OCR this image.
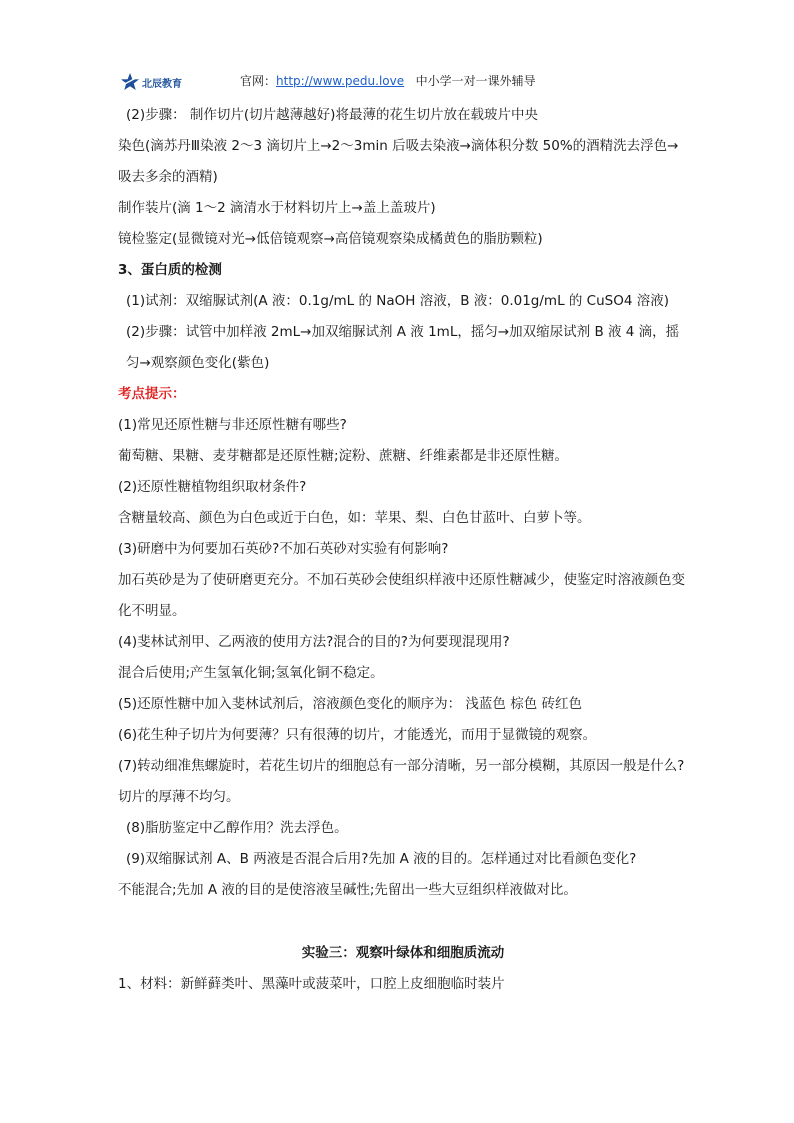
北辰教育	官网：http://www.pedu.love 中小学一对一课外辅导

(2)步骤： 制作切片(切片越薄越好)将最薄的花生切片放在载玻片中央

染色(滴苏丹Ⅲ染液 2～3 滴切片上→2～3min 后吸去染液→滴体积分数 50%的酒精洗去浮色→吸去多余的酒精)

制作装片(滴 1～2 滴清水于材料切片上→盖上盖玻片)

镜检鉴定(显微镜对光→低倍镜观察→高倍镜观察染成橘黄色的脂肪颗粒)

3、蛋白质的检测

(1)试剂：双缩脲试剂(A 液：0.1g/mL 的 NaOH 溶液，B 液：0.01g/mL 的 CuSO4 溶液)

(2)步骤：试管中加样液 2mL→加双缩脲试剂 A 液 1mL，摇匀→加双缩尿试剂 B 液 4 滴，摇匀→观察颜色变化(紫色)

考点提示：

(1)常见还原性糖与非还原性糖有哪些?

葡萄糖、果糖、麦芽糖都是还原性糖;淀粉、蔗糖、纤维素都是非还原性糖。

(2)还原性糖植物组织取材条件?

含糖量较高、颜色为白色或近于白色，如：苹果、梨、白色甘蓝叶、白萝卜等。

(3)研磨中为何要加石英砂?不加石英砂对实验有何影响?

加石英砂是为了使研磨更充分。不加石英砂会使组织样液中还原性糖减少，使鉴定时溶液颜色变化不明显。

(4)斐林试剂甲、乙两液的使用方法?混合的目的?为何要现混现用?

混合后使用;产生氢氧化铜;氢氧化铜不稳定。

(5)还原性糖中加入斐林试剂后，溶液颜色变化的顺序为： 浅蓝色 棕色 砖红色

(6)花生种子切片为何要薄？只有很薄的切片，才能透光，而用于显微镜的观察。

(7)转动细准焦螺旋时，若花生切片的细胞总有一部分清晰，另一部分模糊，其原因一般是什么?切片的厚薄不均匀。

(8)脂肪鉴定中乙醇作用？洗去浮色。

(9)双缩脲试剂 A、B 两液是否混合后用?先加 A 液的目的。怎样通过对比看颜色变化?

不能混合;先加 A 液的目的是使溶液呈碱性;先留出一些大豆组织样液做对比。

实验三：观察叶绿体和细胞质流动

1、材料：新鲜藓类叶、黑藻叶或菠菜叶，口腔上皮细胞临时装片
